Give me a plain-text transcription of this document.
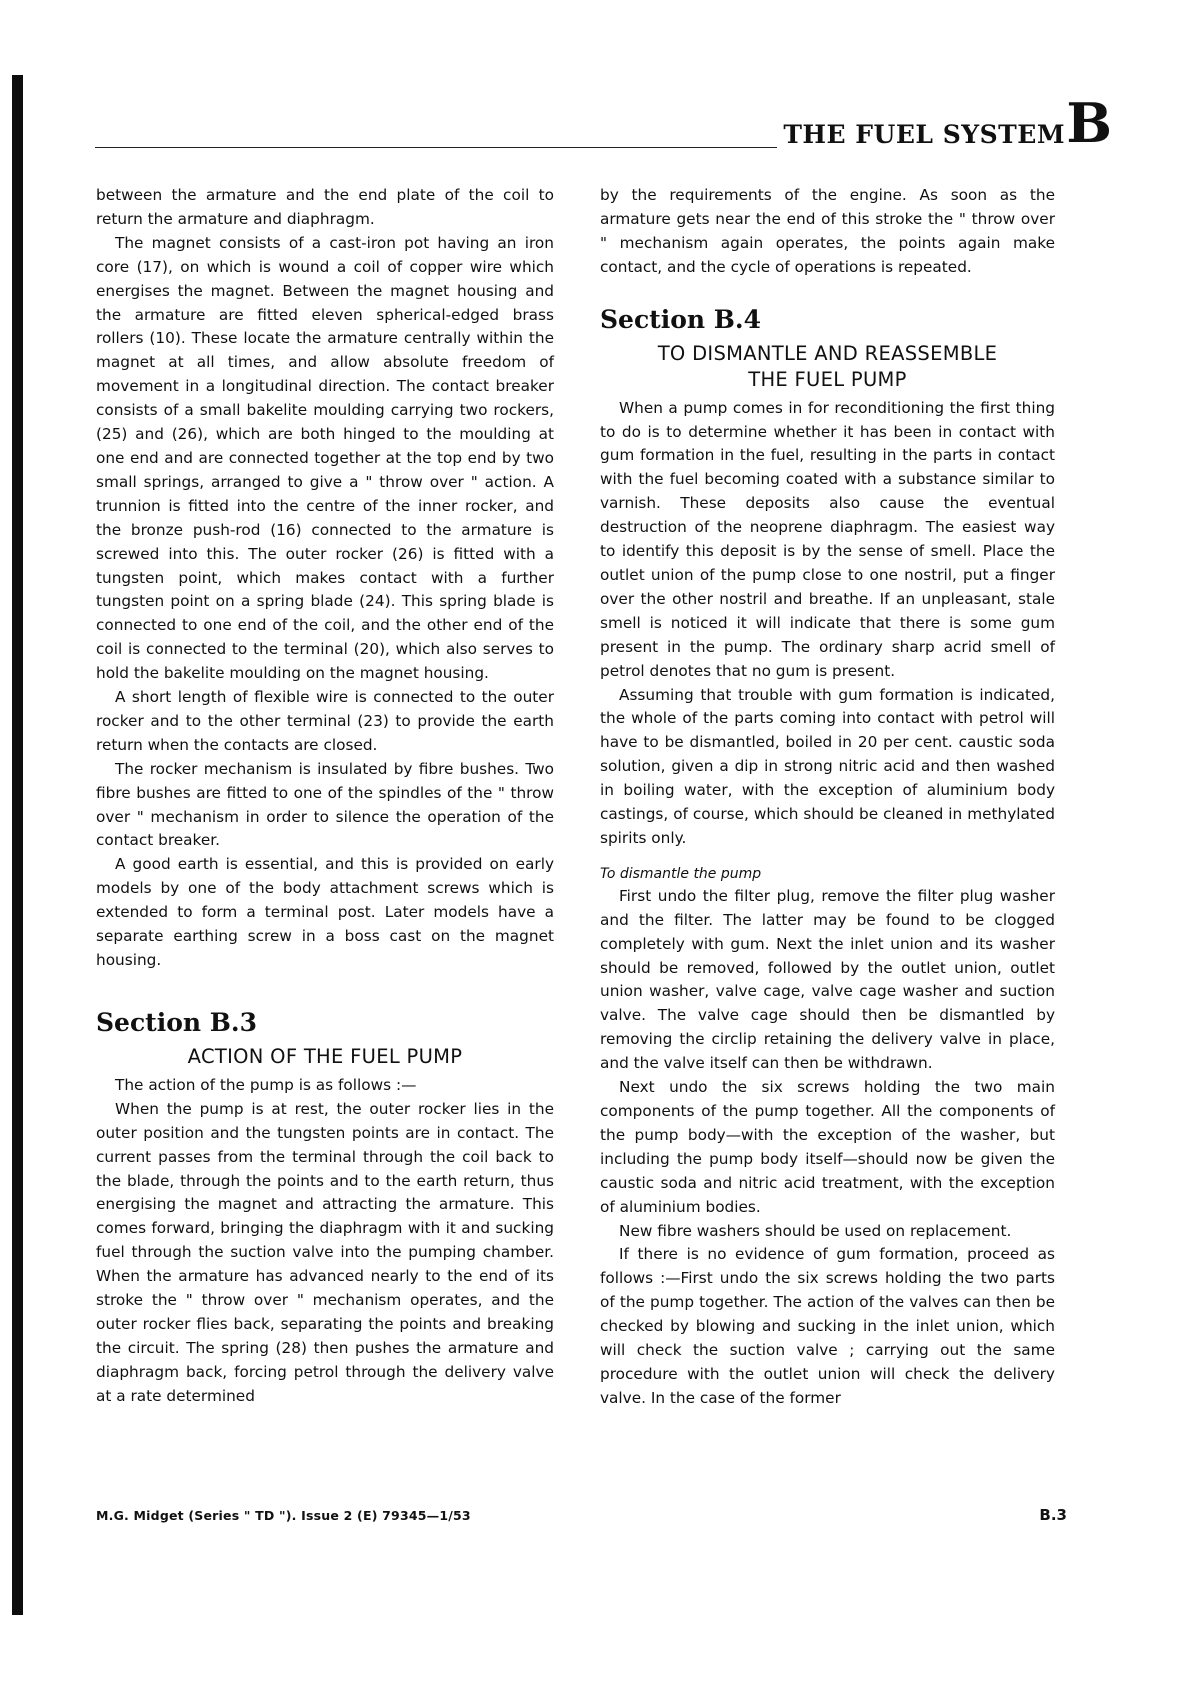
THE FUEL SYSTEM B

between the armature and the end plate of the coil to return the armature and diaphragm.

The magnet consists of a cast-iron pot having an iron core (17), on which is wound a coil of copper wire which energises the magnet. Between the magnet housing and the armature are fitted eleven spherical-edged brass rollers (10). These locate the armature centrally within the magnet at all times, and allow absolute freedom of movement in a longitudinal direction. The contact breaker consists of a small bakelite moulding carrying two rockers, (25) and (26), which are both hinged to the moulding at one end and are connected together at the top end by two small springs, arranged to give a " throw over " action. A trunnion is fitted into the centre of the inner rocker, and the bronze push-rod (16) connected to the armature is screwed into this. The outer rocker (26) is fitted with a tungsten point, which makes contact with a further tungsten point on a spring blade (24). This spring blade is connected to one end of the coil, and the other end of the coil is connected to the terminal (20), which also serves to hold the bakelite moulding on the magnet housing.

A short length of flexible wire is connected to the outer rocker and to the other terminal (23) to provide the earth return when the contacts are closed.

The rocker mechanism is insulated by fibre bushes. Two fibre bushes are fitted to one of the spindles of the " throw over " mechanism in order to silence the operation of the contact breaker.

A good earth is essential, and this is provided on early models by one of the body attachment screws which is extended to form a terminal post. Later models have a separate earthing screw in a boss cast on the magnet housing.

Section B.3
ACTION OF THE FUEL PUMP

The action of the pump is as follows :—

When the pump is at rest, the outer rocker lies in the outer position and the tungsten points are in contact. The current passes from the terminal through the coil back to the blade, through the points and to the earth return, thus energising the magnet and attracting the armature. This comes forward, bringing the diaphragm with it and sucking fuel through the suction valve into the pumping chamber. When the armature has advanced nearly to the end of its stroke the " throw over " mechanism operates, and the outer rocker flies back, separating the points and breaking the circuit. The spring (28) then pushes the armature and diaphragm back, forcing petrol through the delivery valve at a rate determined

by the requirements of the engine. As soon as the armature gets near the end of this stroke the " throw over " mechanism again operates, the points again make contact, and the cycle of operations is repeated.

Section B.4
TO DISMANTLE AND REASSEMBLE
THE FUEL PUMP

When a pump comes in for reconditioning the first thing to do is to determine whether it has been in contact with gum formation in the fuel, resulting in the parts in contact with the fuel becoming coated with a substance similar to varnish. These deposits also cause the eventual destruction of the neoprene diaphragm. The easiest way to identify this deposit is by the sense of smell. Place the outlet union of the pump close to one nostril, put a finger over the other nostril and breathe. If an unpleasant, stale smell is noticed it will indicate that there is some gum present in the pump. The ordinary sharp acrid smell of petrol denotes that no gum is present.

Assuming that trouble with gum formation is indicated, the whole of the parts coming into contact with petrol will have to be dismantled, boiled in 20 per cent. caustic soda solution, given a dip in strong nitric acid and then washed in boiling water, with the exception of aluminium body castings, of course, which should be cleaned in methylated spirits only.

To dismantle the pump

First undo the filter plug, remove the filter plug washer and the filter. The latter may be found to be clogged completely with gum. Next the inlet union and its washer should be removed, followed by the outlet union, outlet union washer, valve cage, valve cage washer and suction valve. The valve cage should then be dismantled by removing the circlip retaining the delivery valve in place, and the valve itself can then be withdrawn.

Next undo the six screws holding the two main components of the pump together. All the components of the pump body—with the exception of the washer, but including the pump body itself—should now be given the caustic soda and nitric acid treatment, with the exception of aluminium bodies.

New fibre washers should be used on replacement.

If there is no evidence of gum formation, proceed as follows :—First undo the six screws holding the two parts of the pump together. The action of the valves can then be checked by blowing and sucking in the inlet union, which will check the suction valve ; carrying out the same procedure with the outlet union will check the delivery valve. In the case of the former

M.G. Midget (Series " TD "). Issue 2 (E) 79345—1/53	B.3
